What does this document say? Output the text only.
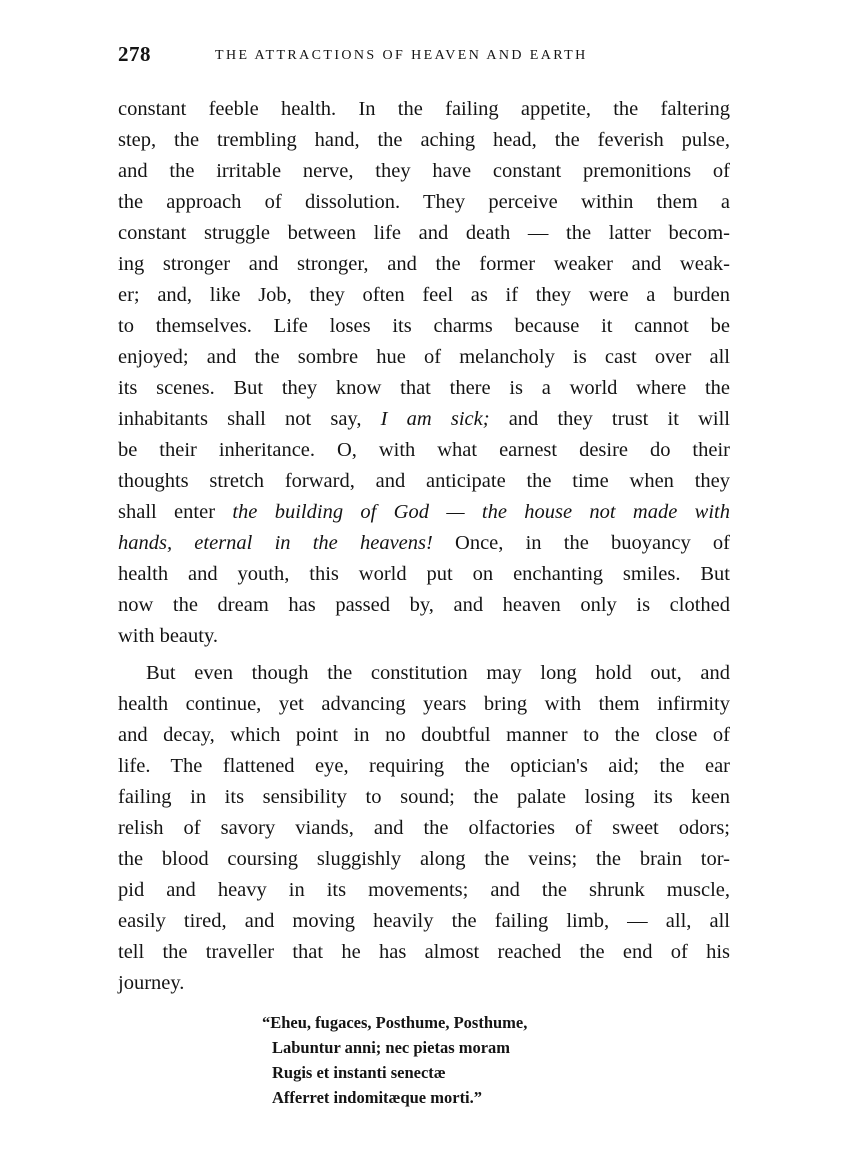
278	THE ATTRACTIONS OF HEAVEN AND EARTH
constant feeble health. In the failing appetite, the faltering
step, the trembling hand, the aching head, the feverish pulse,
and the irritable nerve, they have constant premonitions of
the approach of dissolution. They perceive within them a
constant struggle between life and death — the latter becom-
ing stronger and stronger, and the former weaker and weak-
er; and, like Job, they often feel as if they were a burden
to themselves. Life loses its charms because it cannot be
enjoyed; and the sombre hue of melancholy is cast over all
its scenes. But they know that there is a world where the
inhabitants shall not say, I am sick; and they trust it will
be their inheritance. O, with what earnest desire do their
thoughts stretch forward, and anticipate the time when they
shall enter the building of God — the house not made with
hands, eternal in the heavens! Once, in the buoyancy of
health and youth, this world put on enchanting smiles. But
now the dream has passed by, and heaven only is clothed
with beauty.
But even though the constitution may long hold out, and
health continue, yet advancing years bring with them infirmity
and decay, which point in no doubtful manner to the close of
life. The flattened eye, requiring the optician's aid; the ear
failing in its sensibility to sound; the palate losing its keen
relish of savory viands, and the olfactories of sweet odors;
the blood coursing sluggishly along the veins; the brain tor-
pid and heavy in its movements; and the shrunk muscle,
easily tired, and moving heavily the failing limb, — all, all
tell the traveller that he has almost reached the end of his
journey.
“Eheu, fugaces, Posthume, Posthume,
Labuntur anni; nec pietas moram
Rugis et instanti senectæ
Afferret indomitæque morti.”
